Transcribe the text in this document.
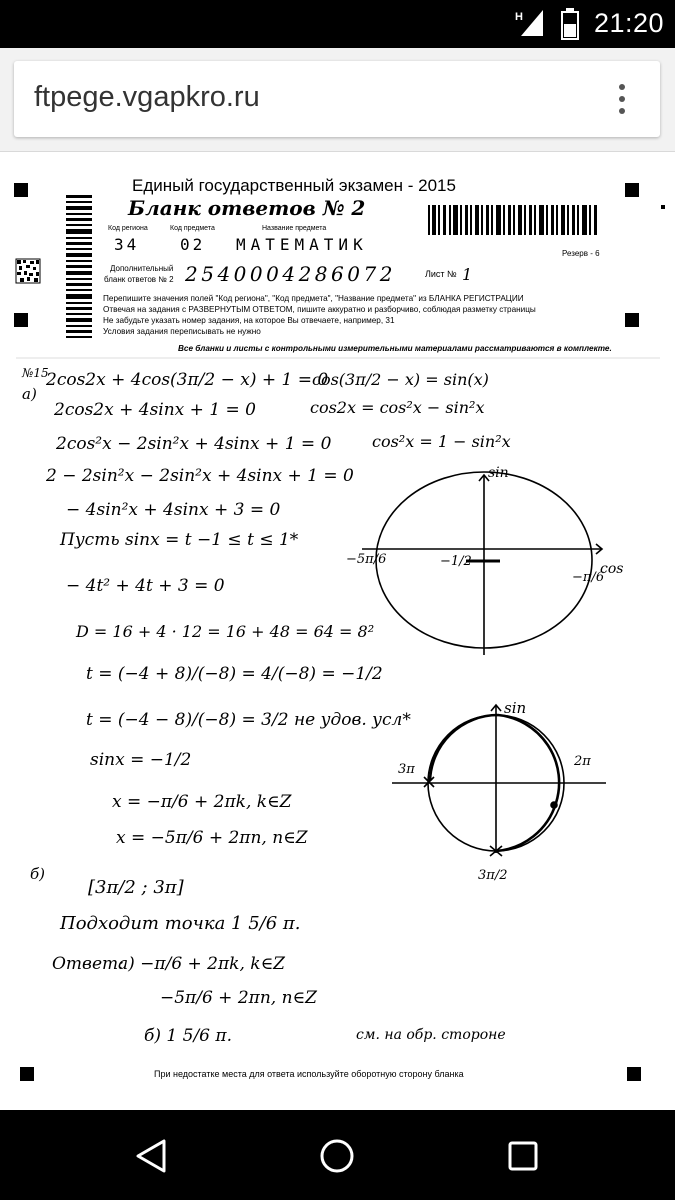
H	21:20
ftpege.vgapkro.ru
Единый государственный экзамен - 2015
Бланк ответов № 2
Код региона	Код предмета	Название предмета
34	02 МАТЕМАТИК	Резерв - 6
Дополнительный
бланк ответов № 2 2540004286072	Лист № 1
Перепишите значения полей "Код региона", "Код предмета", "Название предмета" из БЛАНКА РЕГИСТРАЦИИ
Отвечая на задания с РАЗВЕРНУТЫМ ОТВЕТОМ, пишите аккуратно и разборчиво, соблюдая разметку страницы
Не забудьте указать номер задания, на которое Вы отвечаете, например, 31
Условия задания переписывать не нужно
Все бланки и листы с контрольными измерительными материалами рассматриваются в комплекте.
№15
а)
2cos2x + 4cos(3π/2 − x) + 1 = 0
cos(3π/2 − x) = sin(x)
2cos2x + 4sinx + 1 = 0	cos2x = cos²x − sin²x
2cos²x − 2sin²x + 4sinx + 1 = 0	cos²x = 1 − sin²x
2 − 2sin²x − 2sin²x + 4sinx + 1 = 0
− 4sin²x + 4sinx + 3 = 0
Пусть sinx = t −1 ≤ t ≤ 1*
− 4t² + 4t + 3 = 0
D = 16 + 4 · 12 = 16 + 48 = 64 = 8²
t = (−4 + 8)/(−8) = 4/(−8) = −1/2
t = (−4 − 8)/(−8) = 3/2 не удов. усл*
sinx = −1/2
x = −π/6 + 2πk, k∈Z
x = −5π/6 + 2πn, n∈Z
б)
[3π/2 ; 3π]
Подходит точка 1 5/6 π.
Ответ:
а) −π/6 + 2πk, k∈Z
−5π/6 + 2πn, n∈Z
б) 1 5/6 π.	см. на обр. стороне
sin
cos
−5π/6
−π/6
−1/2
sin
3π
2π
3π/2
При недостатке места для ответа используйте оборотную сторону бланка
